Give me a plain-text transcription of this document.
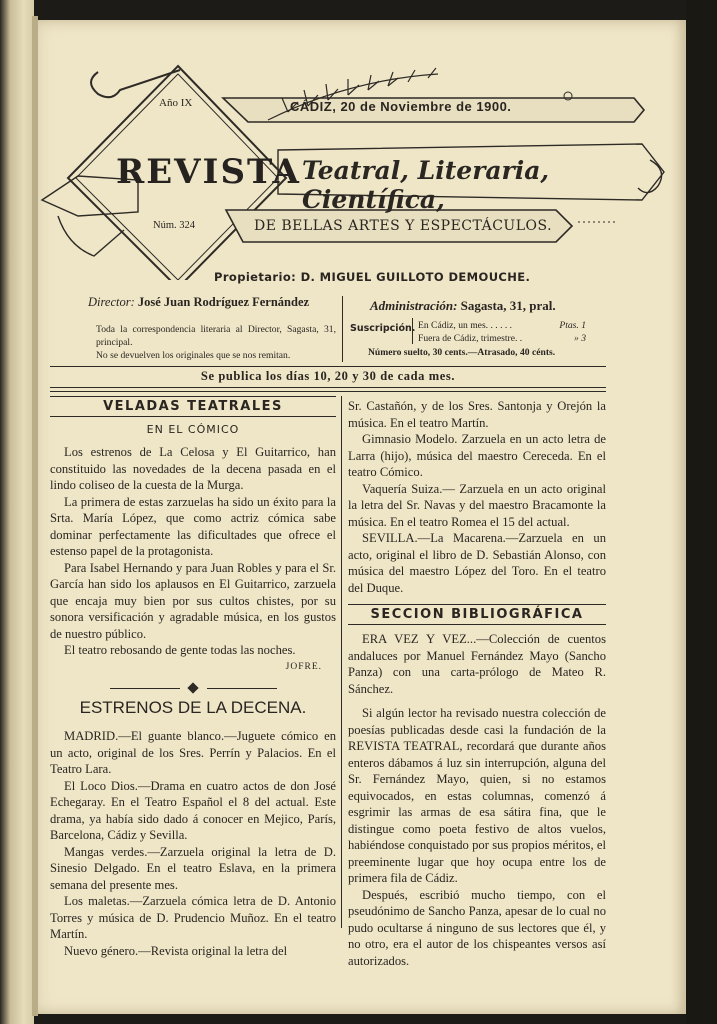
Año IX	CÁDIZ, 20 de Noviembre de 1900.
REVISTA Teatral, Literaria, Científica,
Núm. 324	DE BELLAS ARTES Y ESPECTÁCULOS.
Propietario: D. MIGUEL GUILLOTO DEMOUCHE.
Director: José Juan Rodríguez Fernández
Toda la correspondencia literaria al Director, Sagasta, 31, principal.
No se devuelven los originales que se nos remitan.
Administración: Sagasta, 31, pral.
Suscripción. En Cádiz, un mes. . . . . .	Ptas. 1
Fuera de Cádiz, trimestre. .	» 3
Número suelto, 30 cents.—Atrasado, 40 cénts.
Se publica los días 10, 20 y 30 de cada mes.
VELADAS TEATRALES
EN EL CÓMICO

Los estrenos de La Celosa y El Guitarrico, han constituido las novedades de la decena pasada en el lindo coliseo de la cuesta de la Murga.

La primera de estas zarzuelas ha sido un éxito para la Srta. María López, que como actriz cómica sabe dominar perfectamente las dificultades que ofrece el estenso papel de la protagonista.

Para Isabel Hernando y para Juan Robles y para el Sr. García han sido los aplausos en El Guitarrico, zarzuela que encaja muy bien por sus cultos chistes, por su sonora versificación y agradable música, en los gustos de nuestro público.

El teatro rebosando de gente todas las noches.

JOFRE.

ESTRENOS DE LA DECENA.

MADRID.—El guante blanco.—Juguete cómico en un acto, original de los Sres. Perrín y Palacios. En el Teatro Lara.

El Loco Dios.—Drama en cuatro actos de don José Echegaray. En el Teatro Español el 8 del actual. Este drama, ya había sido dado á conocer en Mejico, París, Barcelona, Cádiz y Sevilla.

Mangas verdes.—Zarzuela original la letra de D. Sinesio Delgado. En el teatro Eslava, en la primera semana del presente mes.

Los maletas.—Zarzuela cómica letra de D. Antonio Torres y música de D. Prudencio Muñoz. En el teatro Martín.

Nuevo género.—Revista original la letra del

Sr. Castañón, y de los Sres. Santonja y Orejón la música. En el teatro Martín.

Gimnasio Modelo. Zarzuela en un acto letra de Larra (hijo), música del maestro Cereceda. En el teatro Cómico.

Vaquería Suiza.— Zarzuela en un acto original la letra del Sr. Navas y del maestro Bracamonte la música. En el teatro Romea el 15 del actual.

SEVILLA.—La Macarena.—Zarzuela en un acto, original el libro de D. Sebastián Alonso, con música del maestro López del Toro. En el teatro del Duque.

SECCION BIBLIOGRÁFICA

ERA VEZ Y VEZ...—Colección de cuentos andaluces por Manuel Fernández Mayo (Sancho Panza) con una carta-prólogo de Mateo R. Sánchez.

Si algún lector ha revisado nuestra colección de poesías publicadas desde casi la fundación de la REVISTA TEATRAL, recordará que durante años enteros dábamos á luz sin interrupción, alguna del Sr. Fernández Mayo, quien, si no estamos equivocados, en estas columnas, comenzó á esgrimir las armas de esa sátira fina, que le distingue como poeta festivo de altos vuelos, habiéndose conquistado por sus propios méritos, el preeminente lugar que hoy ocupa entre los de primera fila de Cádiz.

Después, escribió mucho tiempo, con el pseudónimo de Sancho Panza, apesar de lo cual no pudo ocultarse á ninguno de sus lectores que él, y no otro, era el autor de los chispeantes versos así autorizados.
